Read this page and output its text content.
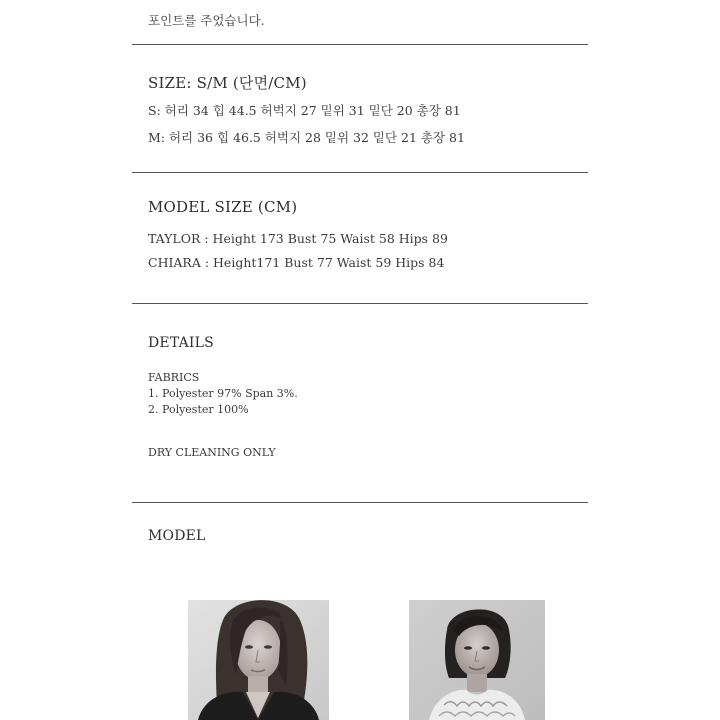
포인트를 주었습니다.
SIZE: S/M (단면/CM)
S: 허리 34 힙 44.5 허벅지 27 밑위 31 밑단 20 총장 81
M: 허리 36 힙 46.5 허벅지 28 밑위 32 밑단 21 총장 81
MODEL SIZE (CM)
TAYLOR : Height 173 Bust 75 Waist 58 Hips 89
CHIARA : Height171 Bust 77 Waist 59 Hips 84
DETAILS
FABRICS
1. Polyester 97% Span 3%.
2. Polyester 100%
DRY CLEANING ONLY
MODEL
